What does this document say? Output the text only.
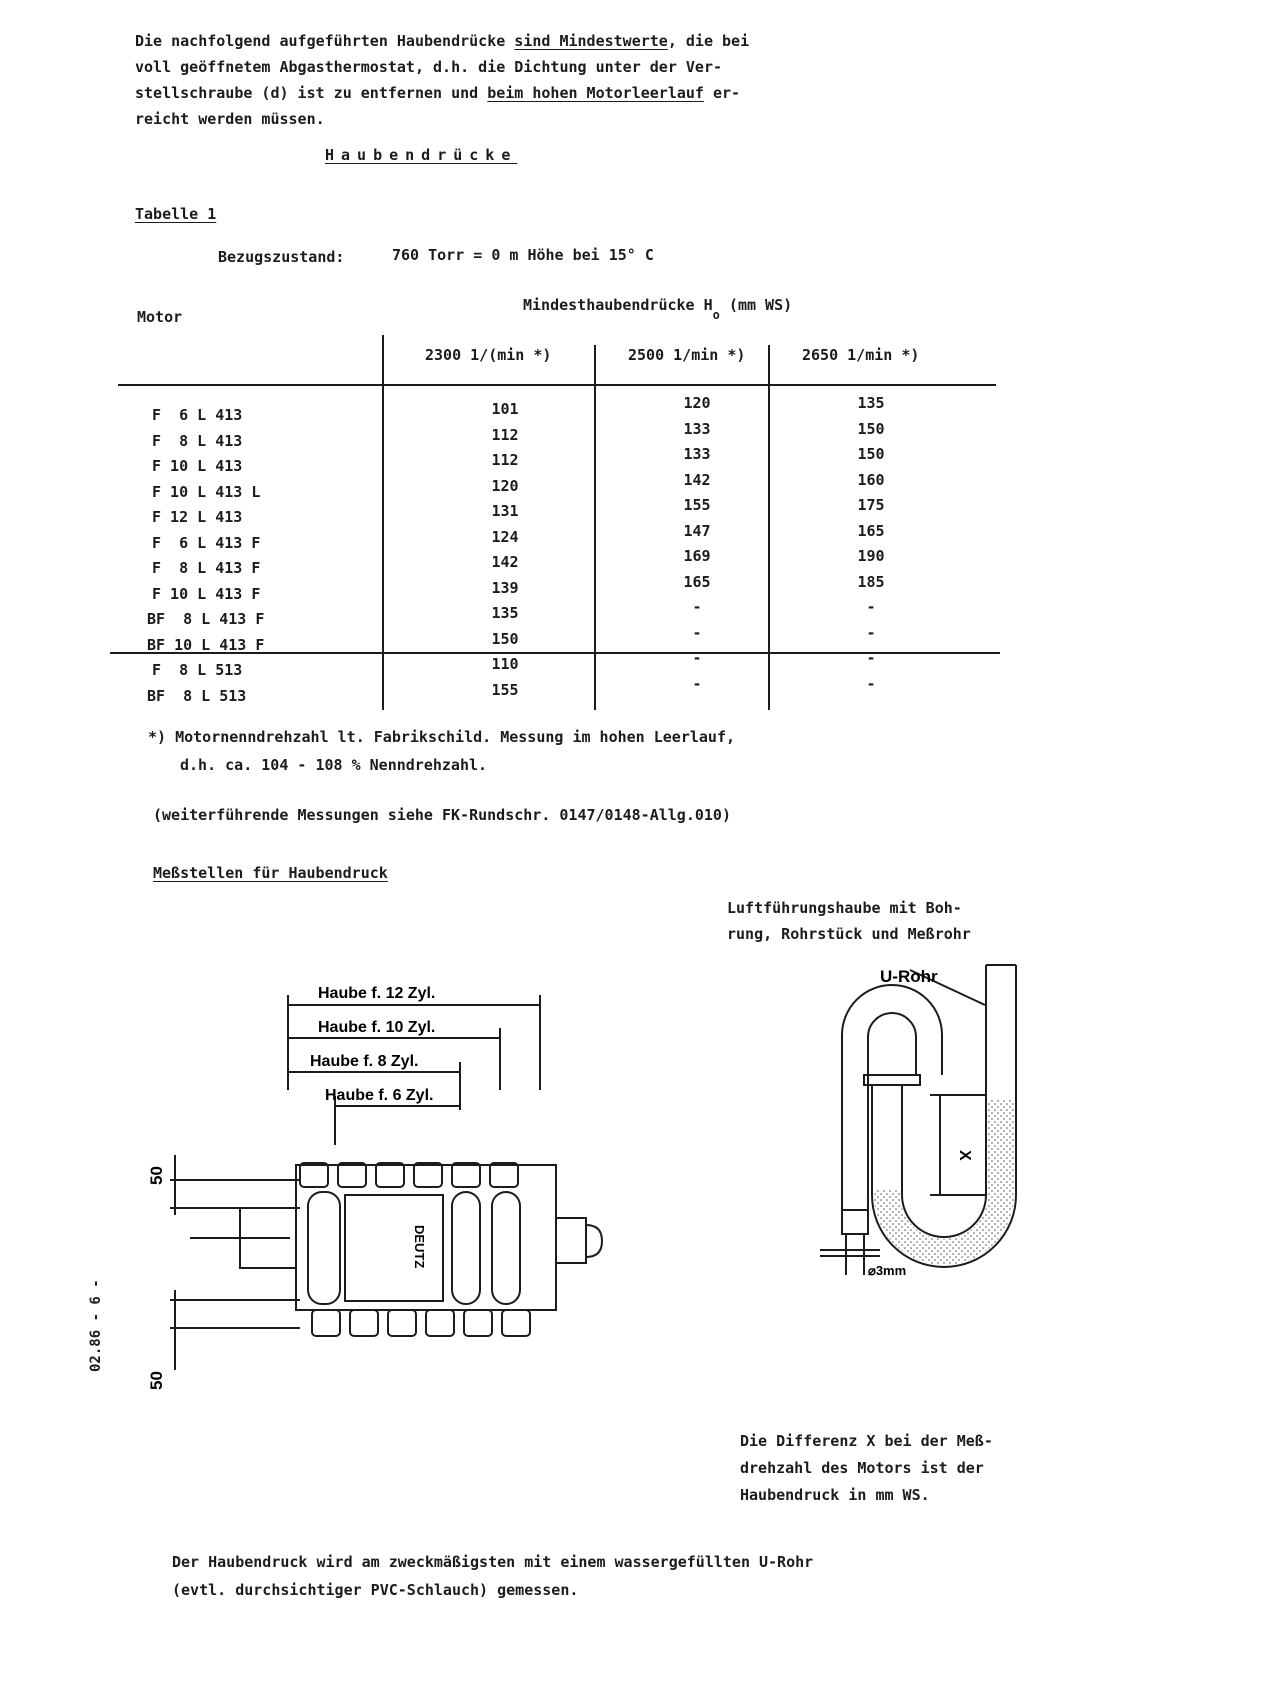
Die nachfolgend aufgeführten Haubendrücke sind Mindestwerte, die bei
voll geöffnetem Abgasthermostat, d.h. die Dichtung unter der Ver-
stellschraube (d) ist zu entfernen und beim hohen Motorleerlauf er-
reicht werden müssen.
Haubendrücke
Tabelle 1
Bezugszustand:	760 Torr = 0 m Höhe bei 15° C
Motor
Mindesthaubendrücke $H_o$ (mm WS)
2300 1/(min *)	2500 1/min *)	2650 1/min *)
F  6 L 413	101	120	135
F  8 L 413	112	133	150
F 10 L 413	112	133	150
F 10 L 413 L	120	142	160
F 12 L 413	131	155	175
F  6 L 413 F	124	147	165
F  8 L 413 F	142	169	190
F 10 L 413 F	139	165	185
BF  8 L 413 F	135	-	-
BF 10 L 413 F	150	-	-
F  8 L 513	110	-	-
BF  8 L 513	155	-	-
*) Motornenndrehzahl lt. Fabrikschild. Messung im hohen Leerlauf,
d.h. ca. 104 - 108 % Nenndrehzahl.
(weiterführende Messungen siehe FK-Rundschr. 0147/0148-Allg.010)
Meßstellen für Haubendruck
Luftführungshaube mit Boh-
rung, Rohrstück und Meßrohr
Haube f. 12 Zyl.
Haube f. 10 Zyl.
Haube f. 8 Zyl.
Haube f. 6 Zyl.
50
50
DEUTZ
U-Rohr
X
⌀3mm
Die Differenz X bei der Meß-
drehzahl des Motors ist der
Haubendruck in mm WS.
Der Haubendruck wird am zweckmäßigsten mit einem wassergefüllten U-Rohr
(evtl. durchsichtiger PVC-Schlauch) gemessen.
02.86 - 6 -
